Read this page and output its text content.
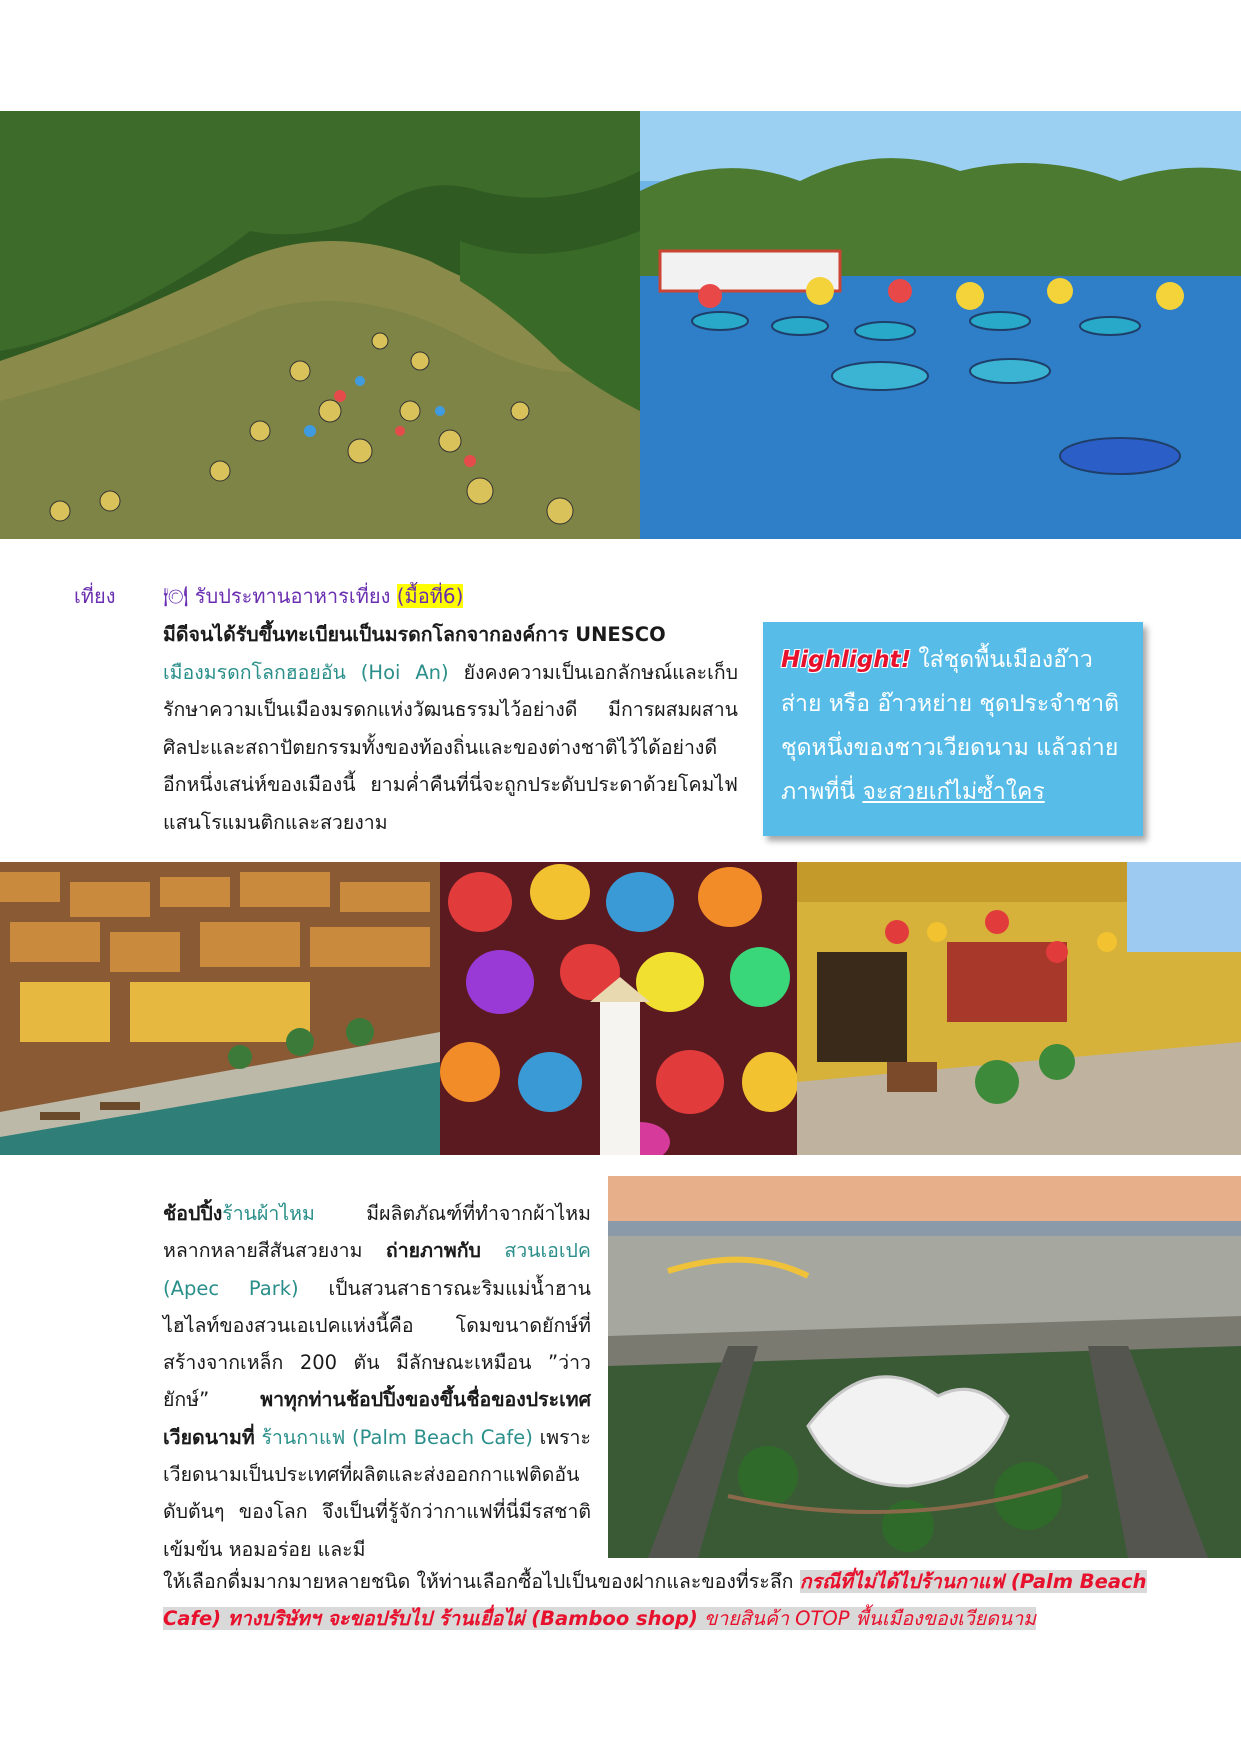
เที่ยง 🍽 รับประทานอาหารเที่ยง (มื้อที่6)
มีดีจนได้รับขึ้นทะเบียนเป็นมรดกโลกจากองค์การ UNESCO
เมืองมรดกโลกฮอยอัน (Hoi An) ยังคงความเป็นเอกลักษณ์และเก็บรักษาความเป็นเมืองมรดกแห่งวัฒนธรรมไว้อย่างดี มีการผสมผสานศิลปะและสถาปัตยกรรมทั้งของท้องถิ่นและของต่างชาติไว้ได้อย่างดี อีกหนึ่งเสน่ห์ของเมืองนี้ ยามค่ำคืนที่นี่จะถูกประดับประดาด้วยโคมไฟ แสนโรแมนติกและสวยงาม
Highlight! ใส่ชุดพื้นเมืองอ๊าวส่าย หรือ อ๊าวหย่าย ชุดประจำชาติชุดหนึ่งของชาวเวียดนาม แล้วถ่ายภาพที่นี่ จะสวยเก๋ไม่ซ้ำใคร
ช้อปปิ้งร้านผ้าไหม มีผลิตภัณฑ์ที่ทำจากผ้าไหมหลากหลายสีสันสวยงาม ถ่ายภาพกับ สวนเอเปค (Apec Park) เป็นสวนสาธารณะริมแม่น้ำฮาน ไฮไลท์ของสวนเอเปคแห่งนี้คือ โดมขนาดยักษ์ที่สร้างจากเหล็ก 200 ตัน มีลักษณะเหมือน ”ว่าวยักษ์” พาทุกท่านช้อปปิ้งของขึ้นชื่อของประเทศเวียดนามที่ ร้านกาแฟ (Palm Beach Cafe) เพราะเวียดนามเป็นประเทศที่ผลิตและส่งออกกาแฟติดอันดับต้นๆ ของโลก จึงเป็นที่รู้จักว่ากาแฟที่นี่มีรสชาติเข้มข้น หอมอร่อย และมี
ให้เลือกดื่มมากมายหลายชนิด ให้ท่านเลือกซื้อไปเป็นของฝากและของที่ระลึก กรณีที่ไม่ได้ไปร้านกาแฟ (Palm Beach Cafe) ทางบริษัทฯ จะขอปรับไป ร้านเยื่อไผ่ (Bamboo shop) ขายสินค้า OTOP พื้นเมืองของเวียดนาม
